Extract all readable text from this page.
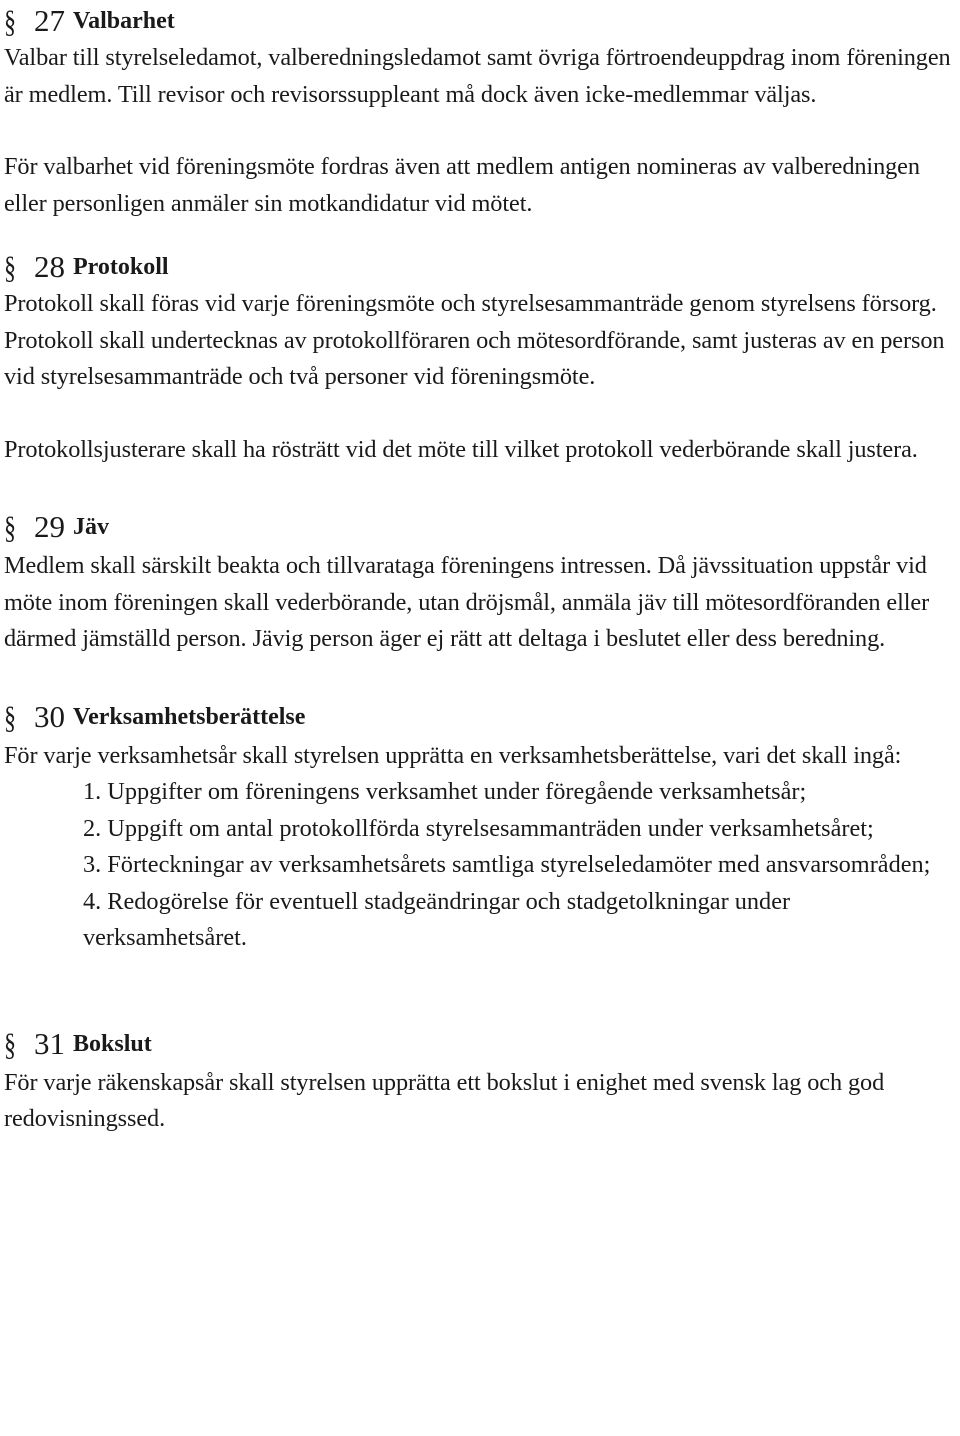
§ 27 Valbarhet

Valbar till styrelseledamot, valberedningsledamot samt övriga förtroendeuppdrag inom föreningen är medlem. Till revisor och revisorssuppleant må dock även icke-medlemmar väljas.

För valbarhet vid föreningsmöte fordras även att medlem antigen nomineras av valberedningen eller personligen anmäler sin motkandidatur vid mötet.

§ 28 Protokoll

Protokoll skall föras vid varje föreningsmöte och styrelsesammanträde genom styrelsens försorg. Protokoll skall undertecknas av protokollföraren och mötesordförande, samt justeras av en person vid styrelsesammanträde och två personer vid föreningsmöte.

Protokollsjusterare skall ha rösträtt vid det möte till vilket protokoll vederbörande skall justera.

§ 29 Jäv

Medlem skall särskilt beakta och tillvarataga föreningens intressen. Då jävssituation uppstår vid möte inom föreningen skall vederbörande, utan dröjsmål, anmäla jäv till mötesordföranden eller därmed jämställd person. Jävig person äger ej rätt att deltaga i beslutet eller dess beredning.

§ 30 Verksamhetsberättelse

För varje verksamhetsår skall styrelsen upprätta en verksamhetsberättelse, vari det skall ingå:

1. Uppgifter om föreningens verksamhet under föregående verksamhetsår;
2. Uppgift om antal protokollförda styrelsesammanträden under verksamhetsåret;
3. Förteckningar av verksamhetsårets samtliga styrelseledamöter med ansvarsområden;
4. Redogörelse för eventuell stadgeändringar och stadgetolkningar under verksamhetsåret.
§ 31 Bokslut

För varje räkenskapsår skall styrelsen upprätta ett bokslut i enighet med svensk lag och god redovisningssed.
